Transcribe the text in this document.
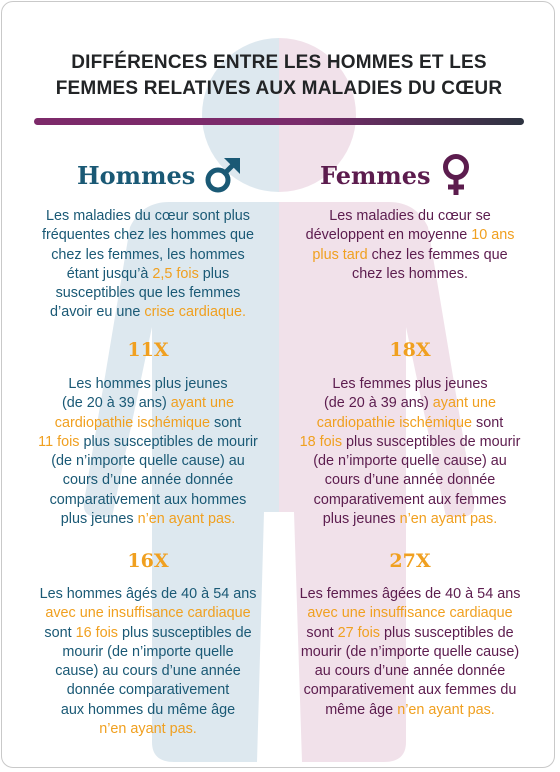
DIFFÉRENCES ENTRE LES HOMMES ET LES
FEMMES RELATIVES AUX MALADIES DU CŒUR
Hommes
Les maladies du cœur sont plus
fréquentes chez les hommes que
chez les femmes, les hommes
étant jusqu’à 2,5 fois plus
susceptibles que les femmes
d’avoir eu une crise cardiaque.
11X
Les hommes plus jeunes
(de 20 à 39 ans) ayant une
cardiopathie ischémique sont
11 fois plus susceptibles de mourir
(de n’importe quelle cause) au
cours d’une année donnée
comparativement aux hommes
plus jeunes n’en ayant pas.
16X
Les hommes âgés de 40 à 54 ans
avec une insuffisance cardiaque
sont 16 fois plus susceptibles de
mourir (de n’importe quelle
cause) au cours d’une année
donnée comparativement
aux hommes du même âge
n’en ayant pas.
Femmes
Les maladies du cœur se
développent en moyenne 10 ans
plus tard chez les femmes que
chez les hommes.
18X
Les femmes plus jeunes
(de 20 à 39 ans) ayant une
cardiopathie ischémique sont
18 fois plus susceptibles de mourir
(de n’importe quelle cause) au
cours d’une année donnée
comparativement aux femmes
plus jeunes n’en ayant pas.
27X
Les femmes âgées de 40 à 54 ans
avec une insuffisance cardiaque
sont 27 fois plus susceptibles de
mourir (de n’importe quelle cause)
au cours d’une année donnée
comparativement aux femmes du
même âge n’en ayant pas.
